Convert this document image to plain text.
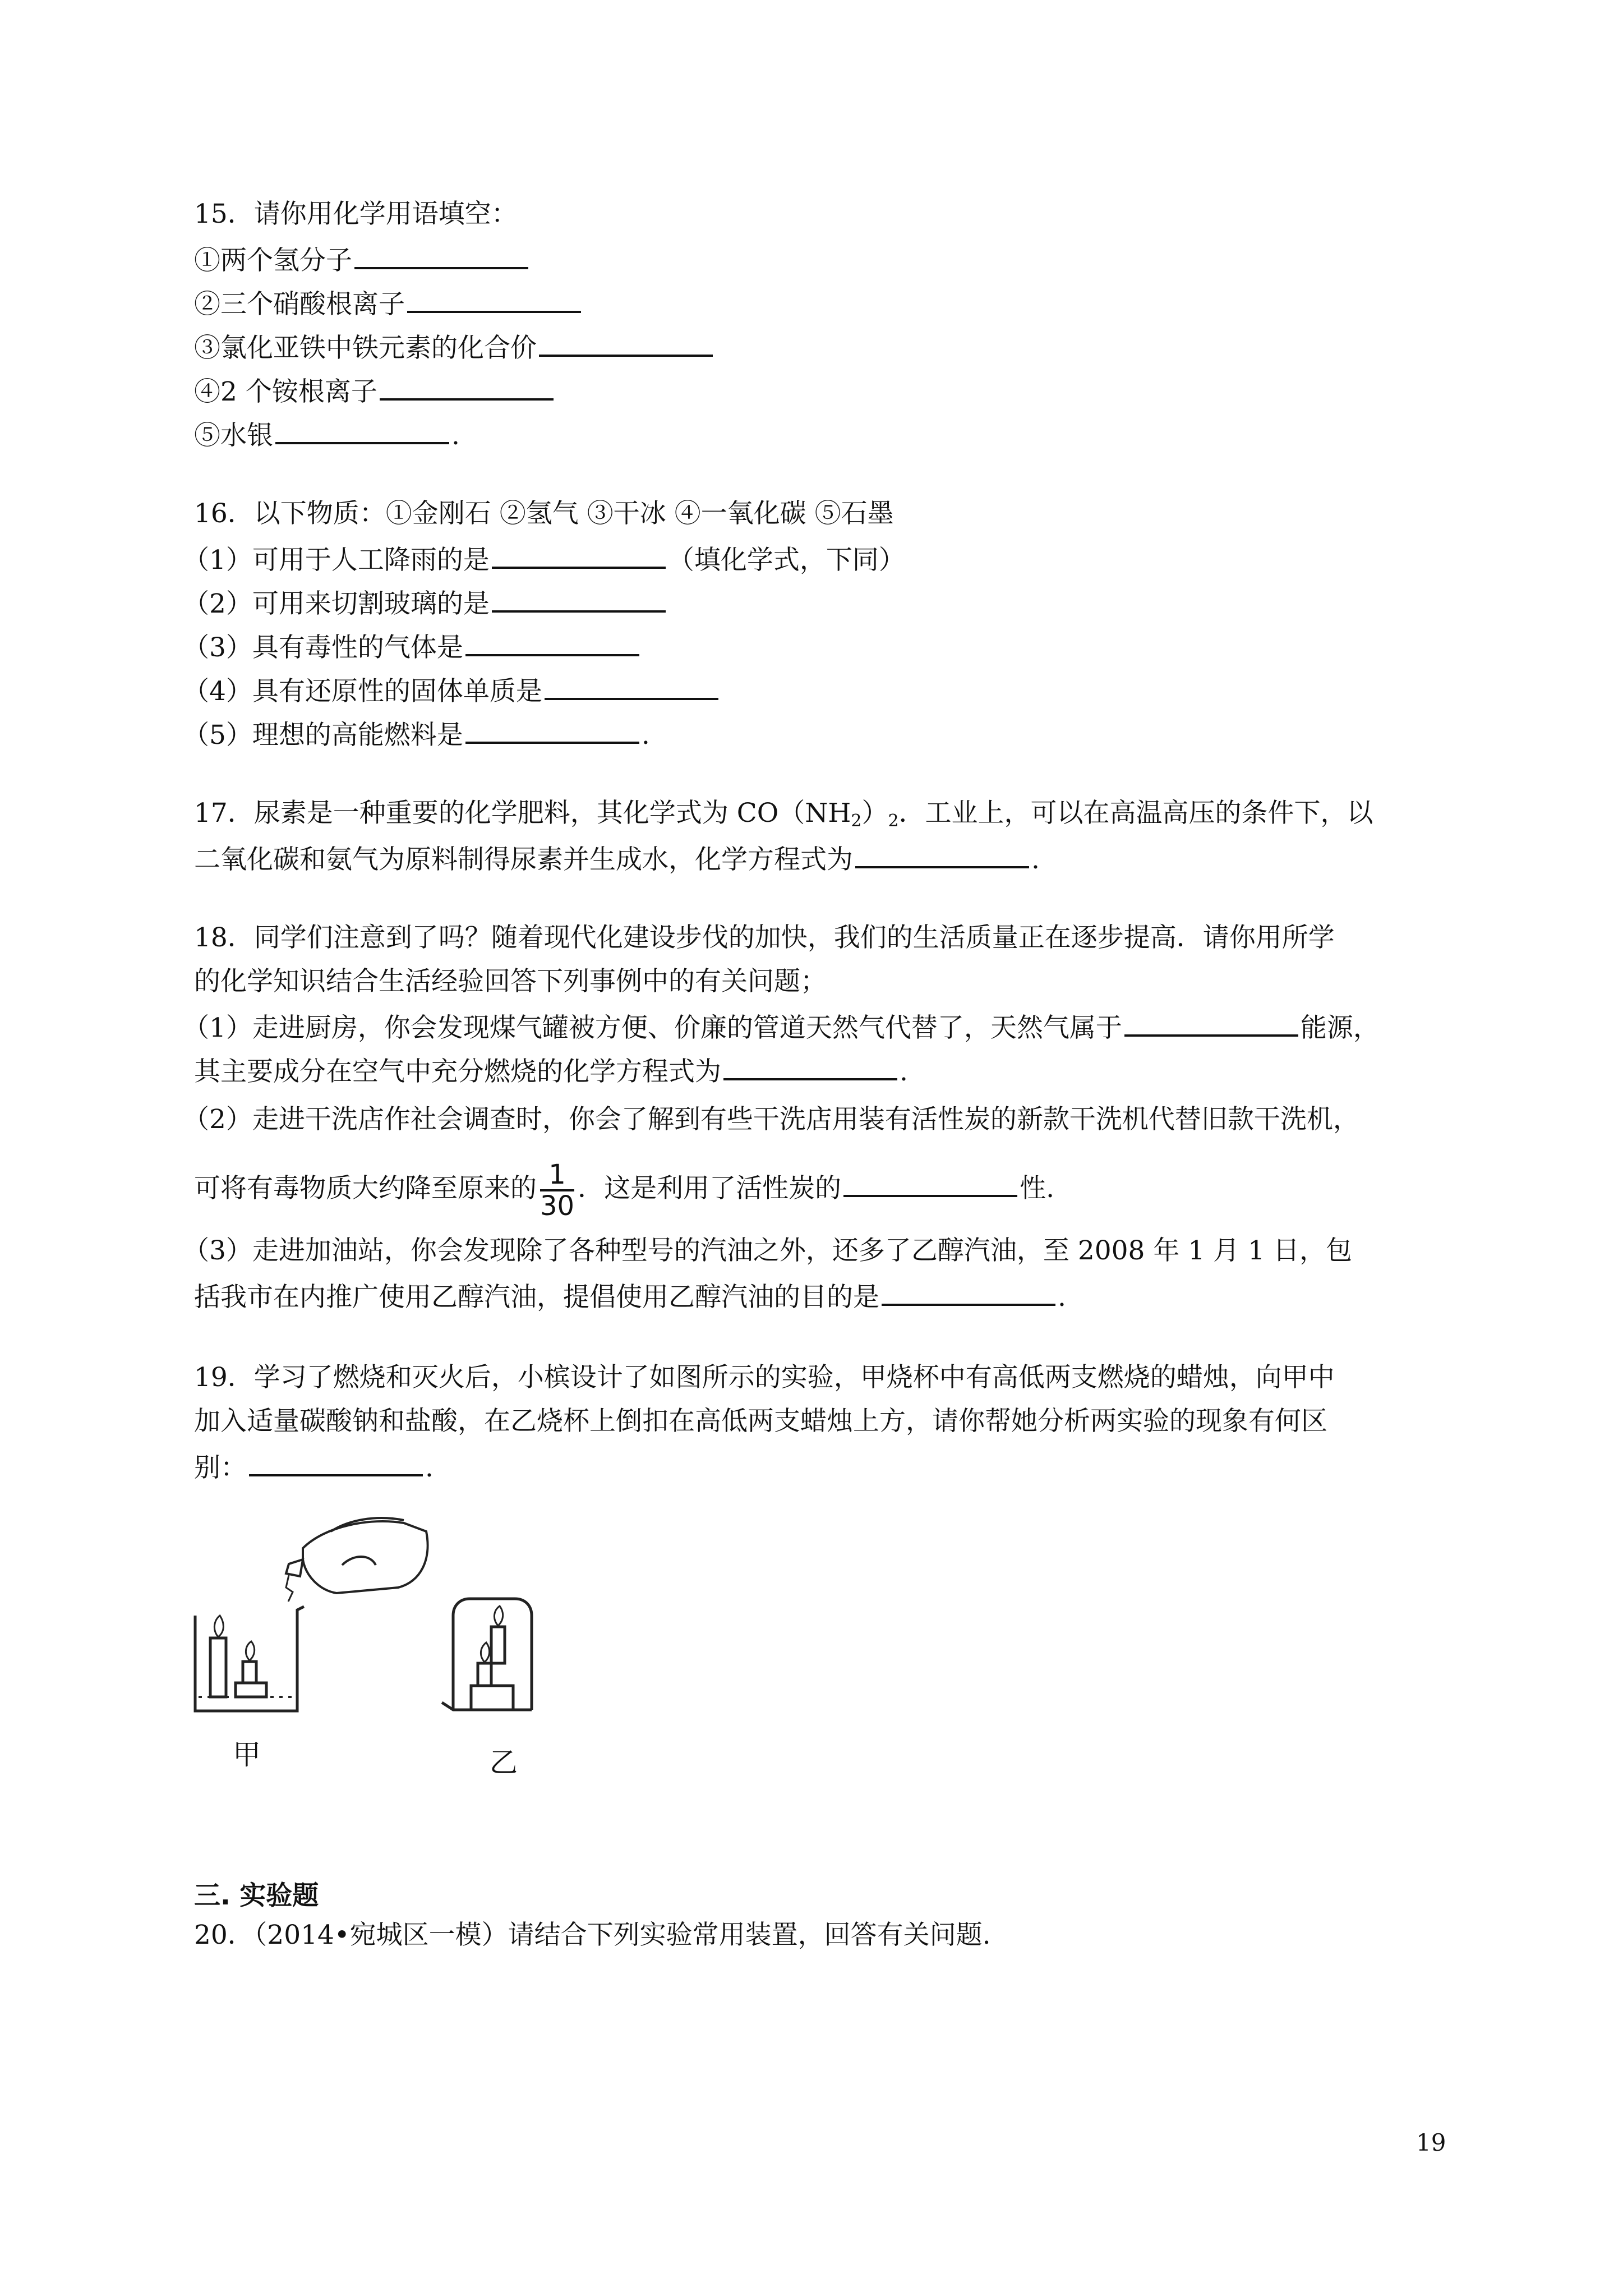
15．请你用化学用语填空：
①两个氢分子
②三个硝酸根离子
③氯化亚铁中铁元素的化合价
④2 个铵根离子
⑤水银	.
16．以下物质：①金刚石 ②氢气 ③干冰 ④一氧化碳 ⑤石墨
（1）可用于人工降雨的是	（填化学式，下同）
（2）可用来切割玻璃的是
（3）具有毒性的气体是
（4）具有还原性的固体单质是
（5）理想的高能燃料是	.
17．尿素是一种重要的化学肥料，其化学式为 $CO(NH_2)_2$．工业上，可以在高温高压的条件下，以
二氧化碳和氨气为原料制得尿素并生成水，化学方程式为	.
18．同学们注意到了吗？随着现代化建设步伐的加快，我们的生活质量正在逐步提高．请你用所学
的化学知识结合生活经验回答下列事例中的有关问题；
（1）走进厨房，你会发现煤气罐被方便、价廉的管道天然气代替了，天然气属于	能源，
其主要成分在空气中充分燃烧的化学方程式为	.
（2）走进干洗店作社会调查时，你会了解到有些干洗店用装有活性炭的新款干洗机代替旧款干洗机，
可将有毒物质大约降至原来的 $\frac{1}{30}$ ．这是利用了活性炭的	性.
（3）走进加油站，你会发现除了各种型号的汽油之外，还多了乙醇汽油，至 2008 年 1 月 1 日，包
括我市在内推广使用乙醇汽油，提倡使用乙醇汽油的目的是	.
19．学习了燃烧和灭火后，小槟设计了如图所示的实验，甲烧杯中有高低两支燃烧的蜡烛，向甲中
加入适量碳酸钠和盐酸，在乙烧杯上倒扣在高低两支蜡烛上方，请你帮她分析两实验的现象有何区
别：	.
甲	乙
三. 实验题
20．（2014•宛城区一模）请结合下列实验常用装置，回答有关问题.
19
